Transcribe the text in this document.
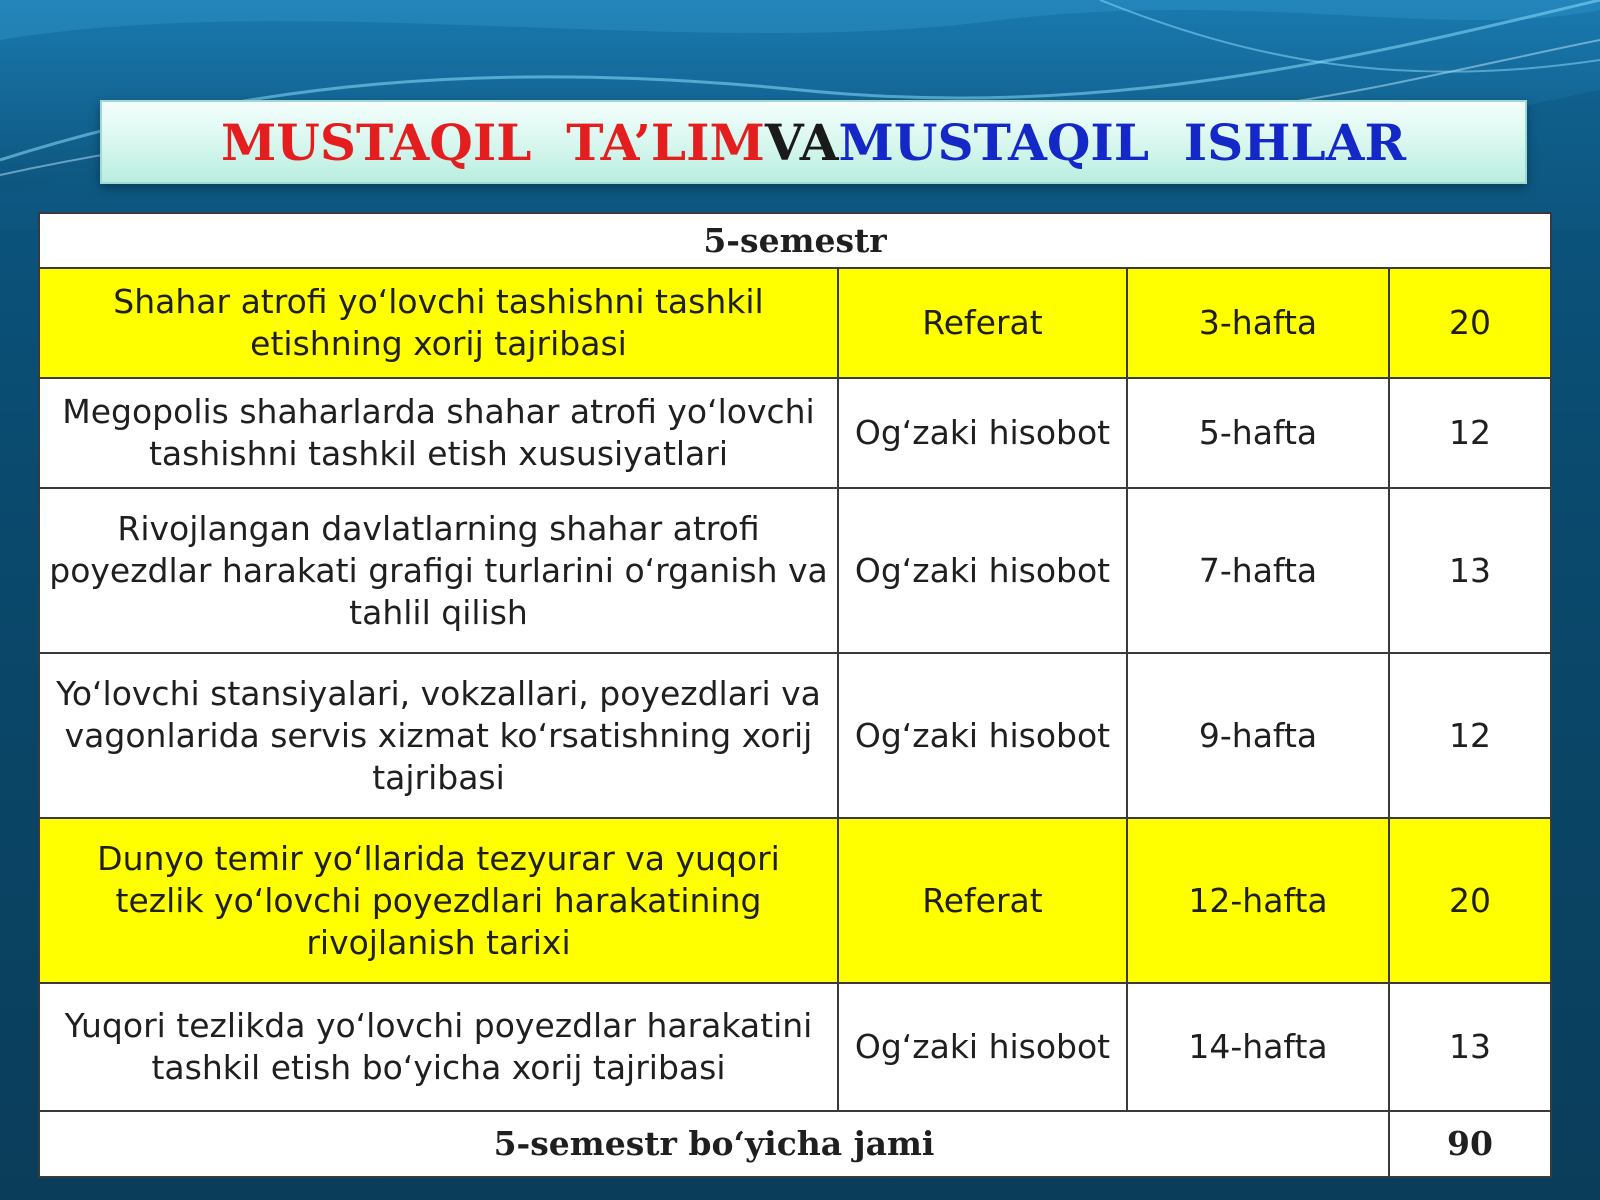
MUSTAQIL  TA’LIM VA MUSTAQIL  ISHLAR
5-semestr			
Shahar atrofi yo‘lovchi tashishni tashkil etishning xorij tajribasi	Referat	3-hafta	20
Megopolis shaharlarda shahar atrofi yo‘lovchi tashishni tashkil etish xususiyatlari	Og‘zaki hisobot	5-hafta	12
Rivojlangan davlatlarning shahar atrofi poyezdlar harakati grafigi turlarini o‘rganish va tahlil qilish	Og‘zaki hisobot	7-hafta	13
Yo‘lovchi stansiyalari, vokzallari, poyezdlari va vagonlarida servis xizmat ko‘rsatishning xorij tajribasi	Og‘zaki hisobot	9-hafta	12
Dunyo temir yo‘llarida tezyurar va yuqori tezlik yo‘lovchi poyezdlari harakatining rivojlanish tarixi	Referat	12-hafta	20
Yuqori tezlikda yo‘lovchi poyezdlar harakatini tashkil etish bo‘yicha xorij tajribasi	Og‘zaki hisobot	14-hafta	13
5-semestr bo‘yicha jami			90
